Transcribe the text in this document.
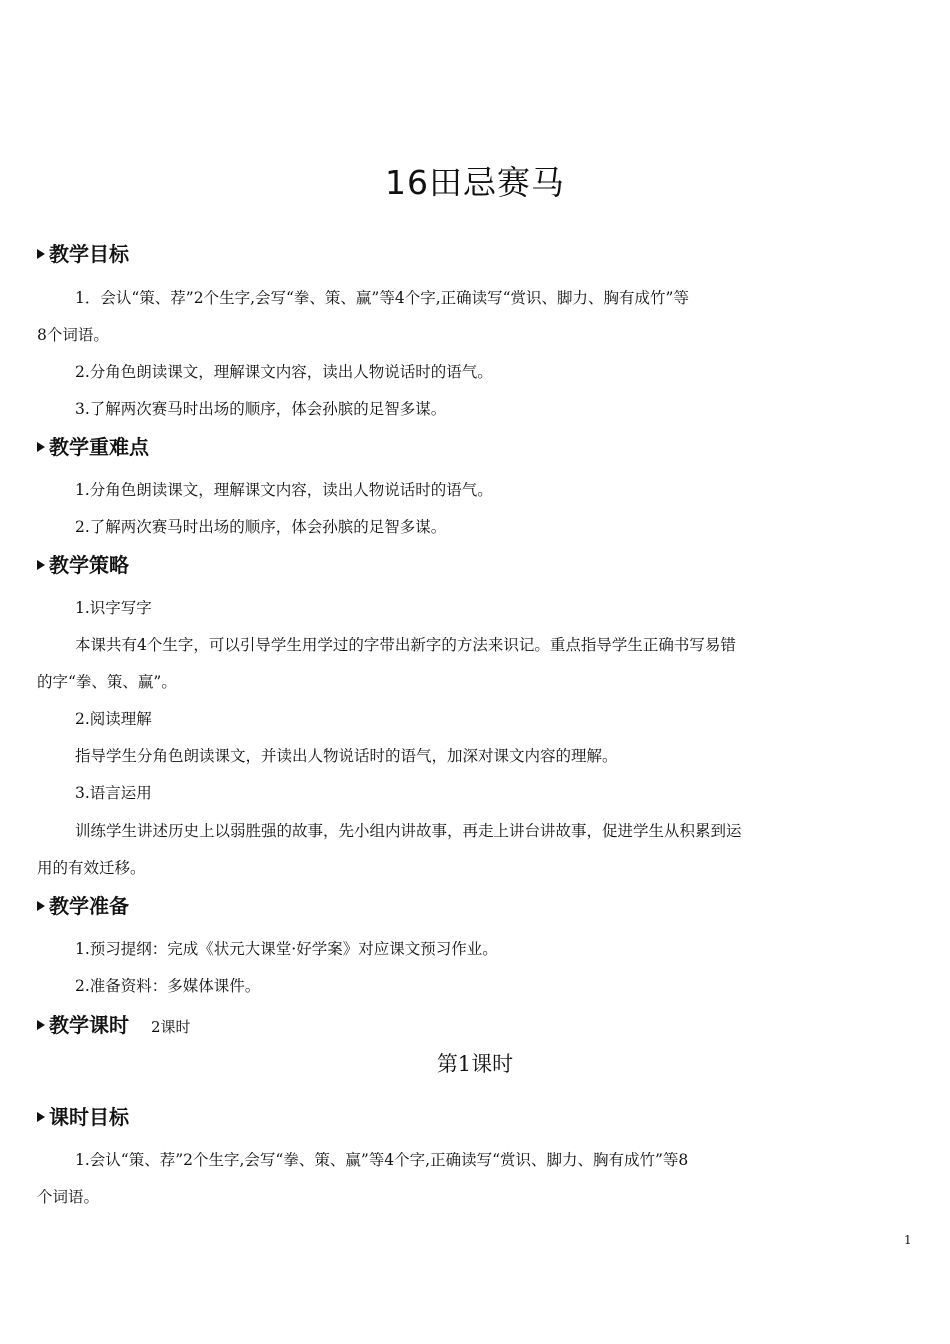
16田忌赛马
教学目标
1．会认“策、荐”2个生字,会写“拳、策、赢”等4个字,正确读写“赏识、脚力、胸有成竹”等
8个词语。
2.分角色朗读课文，理解课文内容，读出人物说话时的语气。
3.了解两次赛马时出场的顺序，体会孙膑的足智多谋。
教学重难点
1.分角色朗读课文，理解课文内容，读出人物说话时的语气。
2.了解两次赛马时出场的顺序，体会孙膑的足智多谋。
教学策略
1.识字写字
本课共有4个生字，可以引导学生用学过的字带出新字的方法来识记。重点指导学生正确书写易错
的字“拳、策、赢”。
2.阅读理解
指导学生分角色朗读课文，并读出人物说话时的语气，加深对课文内容的理解。
3.语言运用
训练学生讲述历史上以弱胜强的故事，先小组内讲故事，再走上讲台讲故事，促进学生从积累到运
用的有效迁移。
教学准备
1.预习提纲：完成《状元大课堂·好学案》对应课文预习作业。
2.准备资料：多媒体课件。
教学课时 2课时
第1课时
课时目标
1.会认“策、荐”2个生字,会写“拳、策、赢”等4个字,正确读写“赏识、脚力、胸有成竹”等8
个词语。
1
